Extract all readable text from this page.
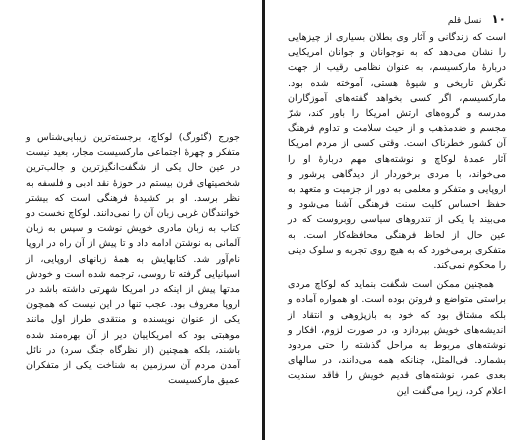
جورج (گئورگ) لوکاچ، برجسته‌ترین زیبایی‌شناس و متفکر و چهرهٔ اجتماعی مارکسیست مجار، بعید نیست در عین حال یکی از شگفت‌انگیزترین و جالب‌ترین شخصیتهای قرن بیستم در حوزهٔ نقد ادبی و فلسفه به نظر برسد. او بر کشیدهٔ فرهنگی است که بیشتر خوانندگان غربی زبان آن را نمی‌دانند. لوکاچ نخست دو کتاب به زبان مادری خویش نوشت و سپس به زبان آلمانی به نوشتن ادامه داد و تا پیش از آن راه در اروپا نام‌آور شد. کتابهایش به همهٔ زبانهای اروپایی، از اسپانیایی گرفته تا روسی، ترجمه شده است و خودش مدتها پیش از اینکه در امریکا شهرتی داشته باشد در اروپا معروف بود. عجب تنها در این نیست که همچون یکی از عنوان نویسنده و منتقدی طراز اول مانند موهبتی بود که امریکاییان دیر از آن بهره‌مند شده باشند، بلکه همچنین (از نظرگاه جنگ سرد) در نائل آمدن مردم آن سرزمین به شناخت یکی از متفکران عمیق مارکسیست

۱۰
نسل قلم

است که زندگانی و آثار وی بطلان بسیاری از چیزهایی را نشان می‌دهد که به نوجوانان و جوانان امریکایی دربارهٔ مارکسیسم، به عنوان نظامی رقیب از جهت نگرش تاریخی و شیوهٔ هستی، آموخته شده بود. مارکسیسم، اگر کسی بخواهد گفته‌های آموزگاران مدرسه و گروه‌های ارتش امریکا را باور کند، شرّ مجسم و ضدمذهب و از حیث سلامت و تداوم فرهنگ آن کشور خطرناک است. وقتی کسی از مردم امریکا آثار عمدهٔ لوکاچ و نوشته‌های مهم دربارهٔ او را می‌خواند، با مردی برخوردار از دیدگاهی پرشور و اروپایی و متفکر و معلمی به دور از جزمیت و متعهد به حفظ احساس کلیت سنت فرهنگی آشنا می‌شود و می‌بیند یا یکی از تندروهای سیاسی روبروست که در عین حال از لحاظ فرهنگی محافظه‌کار است. به متفکری برمی‌خورد که به هیچ روی تجربه و سلوک دینی را محکوم نمی‌کند.

همچنین ممکن است شگفت بنماید که لوکاچ مردی براستی متواضع و فروتن بوده است. او همواره آماده و بلکه مشتاق بود که خود به بازپژوهی و انتقاد از اندیشه‌های خویش بپردازد و، در صورت لزوم، افکار و نوشته‌های مربوط به مراحل گذشته را حتی مردود بشمارد. فی‌المثل، چنانکه همه می‌دانند، در سالهای بعدی عمر، نوشته‌های قدیم خویش را فاقد سندیت اعلام کرد، زیرا می‌گفت این
